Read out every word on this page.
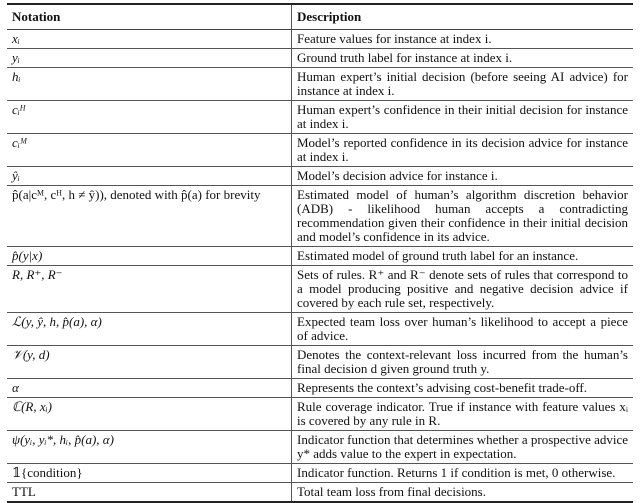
Notation	Description
xᵢ	Feature values for instance at index i.
yᵢ	Ground truth label for instance at index i.
hᵢ	Human expert’s initial decision (before seeing AI advice) for instance at index i.
cᵢᴴ	Human expert’s confidence in their initial decision for instance at index i.
cᵢᴹ	Model’s reported confidence in its decision advice for instance at index i.
ŷᵢ	Model’s decision advice for instance i.
p̂(a|cᴹ, cᴴ, h ≠ ŷ)), denoted with p̂(a) for brevity	Estimated model of human’s algorithm discretion behavior (ADB) - likelihood human accepts a contradicting recommendation given their confidence in their initial decision and model’s confidence in its advice.
p̂(y|x)	Estimated model of ground truth label for an instance.
R, R⁺, R⁻	Sets of rules. R⁺ and R⁻ denote sets of rules that correspond to a model producing positive and negative decision advice if covered by each rule set, respectively.
ℒ(y, ŷ, h, p̂(a), α)	Expected team loss over human’s likelihood to accept a piece of advice.
𝒱(y, d)	Denotes the context-relevant loss incurred from the human’s final decision d given ground truth y.
α	Represents the context’s advising cost-benefit trade-off.
ℂ(R, xᵢ)	Rule coverage indicator. True if instance with feature values xᵢ is covered by any rule in R.
ψ(yᵢ, yᵢ*, hᵢ, p̂(a), α)	Indicator function that determines whether a prospective advice y* adds value to the expert in expectation.
𝟙{condition}	Indicator function. Returns 1 if condition is met, 0 otherwise.
TTL	Total team loss from final decisions.
